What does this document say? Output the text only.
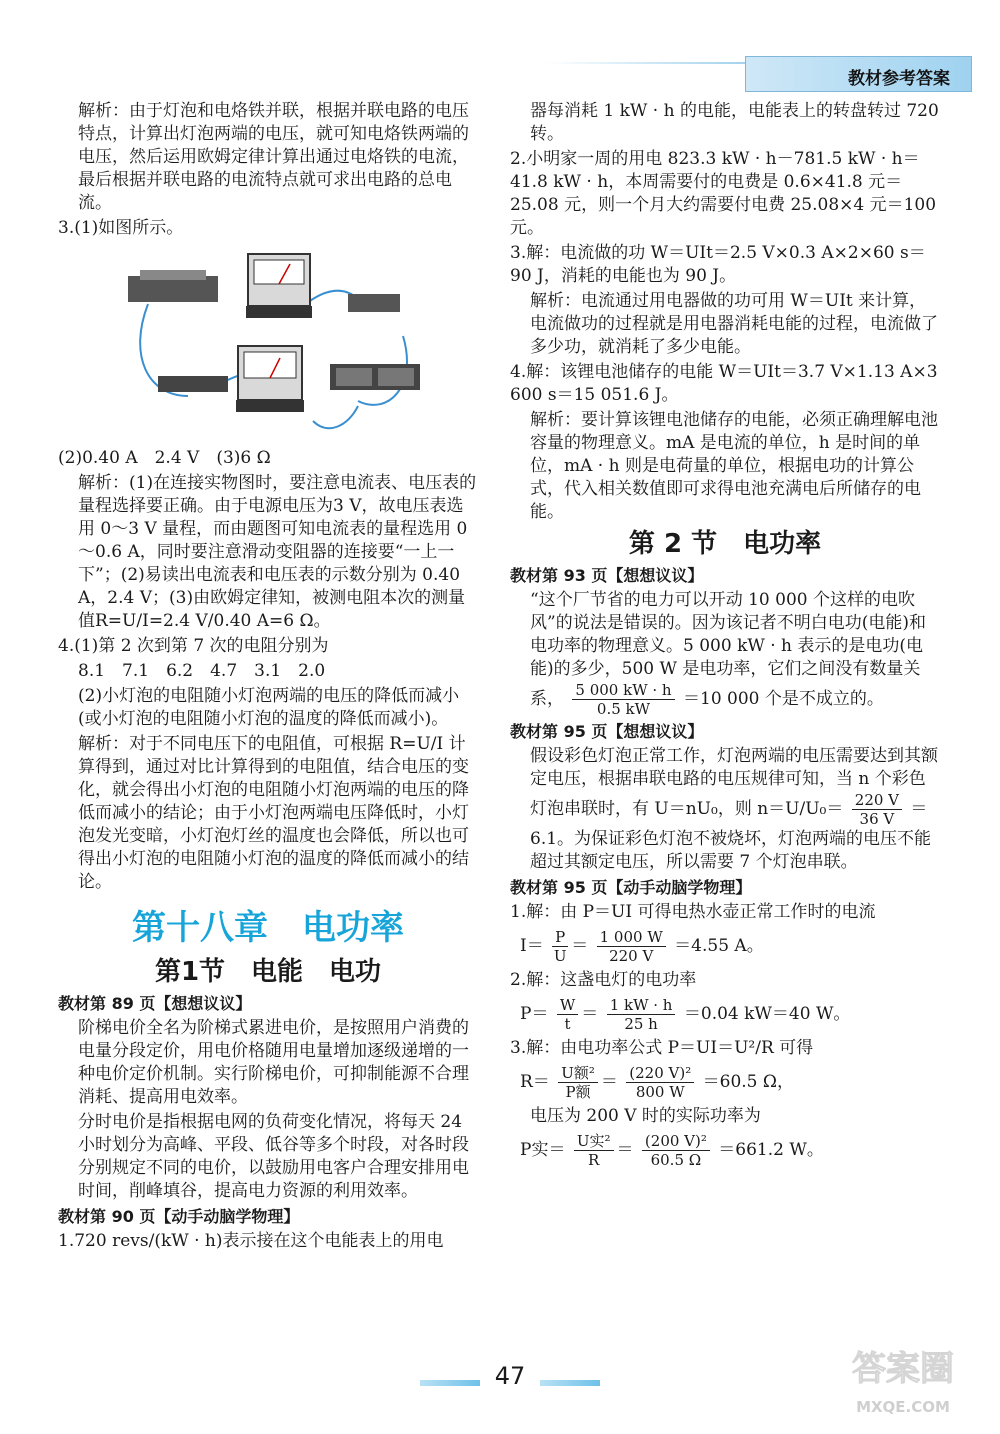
教材参考答案

解析：由于灯泡和电烙铁并联，根据并联电路的电压特点，计算出灯泡两端的电压，就可知电烙铁两端的电压，然后运用欧姆定律计算出通过电烙铁的电流，最后根据并联电路的电流特点就可求出电路的总电流。

3.(1)如图所示。

(2)0.40 A　2.4 V　(3)6 Ω

解析：(1)在连接实物图时，要注意电流表、电压表的量程选择要正确。由于电源电压为3 V，故电压表选用 0～3 V 量程，而由题图可知电流表的量程选用 0～0.6 A，同时要注意滑动变阻器的连接要“一上一下”；(2)易读出电流表和电压表的示数分别为 0.40 A，2.4 V；(3)由欧姆定律知，被测电阻本次的测量值R=U/I=2.4 V/0.40 A=6 Ω。

4.(1)第 2 次到第 7 次的电阻分别为

8.1　7.1　6.2　4.7　3.1　2.0

(2)小灯泡的电阻随小灯泡两端的电压的降低而减小(或小灯泡的电阻随小灯泡的温度的降低而减小)。

解析：对于不同电压下的电阻值，可根据 R=U/I 计算得到，通过对比计算得到的电阻值，结合电压的变化，就会得出小灯泡的电阻随小灯泡两端的电压的降低而减小的结论；由于小灯泡两端电压降低时，小灯泡发光变暗，小灯泡灯丝的温度也会降低，所以也可得出小灯泡的电阻随小灯泡的温度的降低而减小的结论。

第十八章　电功率
第1节　电能　电功

教材第 89 页【想想议议】

阶梯电价全名为阶梯式累进电价，是按照用户消费的电量分段定价，用电价格随用电量增加逐级递增的一种电价定价机制。实行阶梯电价，可抑制能源不合理消耗、提高用电效率。

分时电价是指根据电网的负荷变化情况，将每天 24 小时划分为高峰、平段、低谷等多个时段，对各时段分别规定不同的电价，以鼓励用电客户合理安排用电时间，削峰填谷，提高电力资源的利用效率。

教材第 90 页【动手动脑学物理】

1.720 revs/(kW · h)表示接在这个电能表上的用电

器每消耗 1 kW · h 的电能，电能表上的转盘转过 720 转。

2.小明家一周的用电 823.3 kW · h－781.5 kW · h＝41.8 kW · h，本周需要付的电费是 0.6×41.8 元＝25.08 元，则一个月大约需要付电费 25.08×4 元＝100 元。

3.解：电流做的功 W＝UIt＝2.5 V×0.3 A×2×60 s＝90 J，消耗的电能也为 90 J。

解析：电流通过用电器做的功可用 W＝UIt 来计算，电流做功的过程就是用电器消耗电能的过程，电流做了多少功，就消耗了多少电能。

4.解：该锂电池储存的电能 W＝UIt＝3.7 V×1.13 A×3 600 s＝15 051.6 J。

解析：要计算该锂电池储存的电能，必须正确理解电池容量的物理意义。mA 是电流的单位，h 是时间的单位，mA · h 则是电荷量的单位，根据电功的计算公式，代入相关数值即可求得电池充满电后所储存的电能。

第 2 节　电功率

教材第 93 页【想想议议】

“这个厂节省的电力可以开动 10 000 个这样的电吹风”的说法是错误的。因为该记者不明白电功(电能)和电功率的物理意义。5 000 kW · h 表示的是电功(电能)的多少，500 W 是电功率，它们之间没有数量关系， $\frac{5 000 kW \cdot h}{0.5 kW} =10$ 000 个是不成立的。

教材第 95 页【想想议议】

假设彩色灯泡正常工作，灯泡两端的电压需要达到其额定电压，根据串联电路的电压规律可知，当 n 个彩色灯泡串联时，有 U＝nU₀，则 $n=U/U_0= \frac{220 V}{36 V} =6.1$。为保证彩色灯泡不被烧坏，灯泡两端的电压不能超过其额定电压，所以需要 7 个灯泡串联。

教材第 95 页【动手动脑学物理】

1.解：由 P＝UI 可得电热水壶正常工作时的电流

$I= \frac{P}{U} = \frac{1 000 W}{220 V} =4.55$ A。

2.解：这盏电灯的电功率

$P= \frac{W}{t} = \frac{1 kW \cdot h}{25 h} =0.04$ kW＝40 W。

3.解：由电功率公式 P＝UI＝U²/R 可得

$R= \frac{\text{U额²}}{\text{P额}} = \frac{\text{(220 V)²}}{800 W} =60.5$ Ω，

电压为 200 V 时的实际功率为

P实＝ $\frac{\text{U实²}}{R} = \frac{\text{(200 V)²}}{60.5 \Omega} =661.2$ W。
47	答案圈
MXQE.COM
